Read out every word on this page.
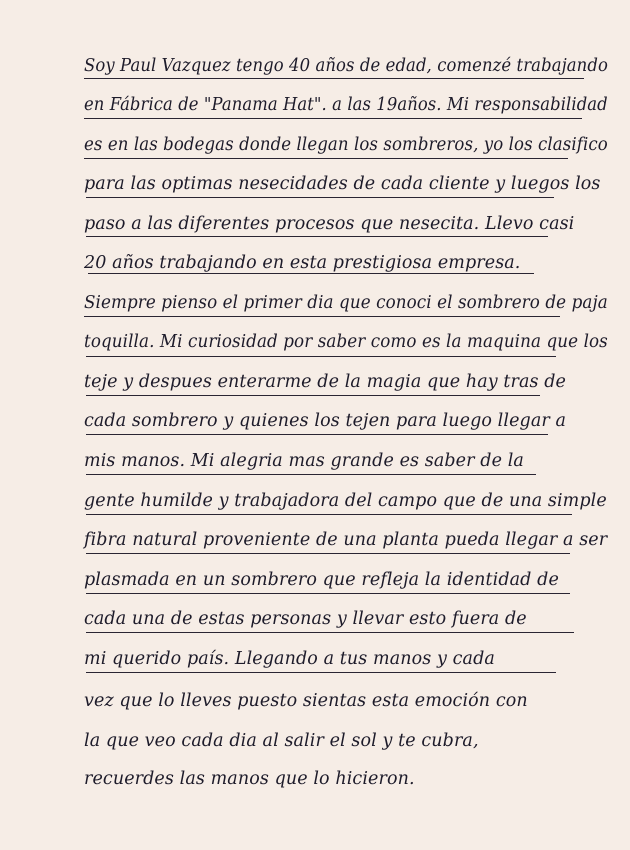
Soy Paul Vazquez tengo 40 años de edad, comenzé trabajando
en Fábrica de "Panama Hat". a las 19años. Mi responsabilidad
es en las bodegas donde llegan los sombreros, yo los clasifico
para las optimas nesecidades de cada cliente y luegos los
paso a las diferentes procesos que nesecita. Llevo casi
20 años trabajando en esta prestigiosa empresa.
Siempre pienso el primer dia que conoci el sombrero de paja
toquilla. Mi curiosidad por saber como es la maquina que los
teje y despues enterarme de la magia que hay tras de
cada sombrero y quienes los tejen para luego llegar a
mis manos. Mi alegria mas grande es saber de la
gente humilde y trabajadora del campo que de una simple
fibra natural proveniente de una planta pueda llegar a ser
plasmada en un sombrero que refleja la identidad de
cada una de estas personas y llevar esto fuera de
mi querido país. Llegando a tus manos y cada
vez que lo lleves puesto sientas esta emoción con
la que veo cada dia al salir el sol y te cubra,
recuerdes las manos que lo hicieron.
